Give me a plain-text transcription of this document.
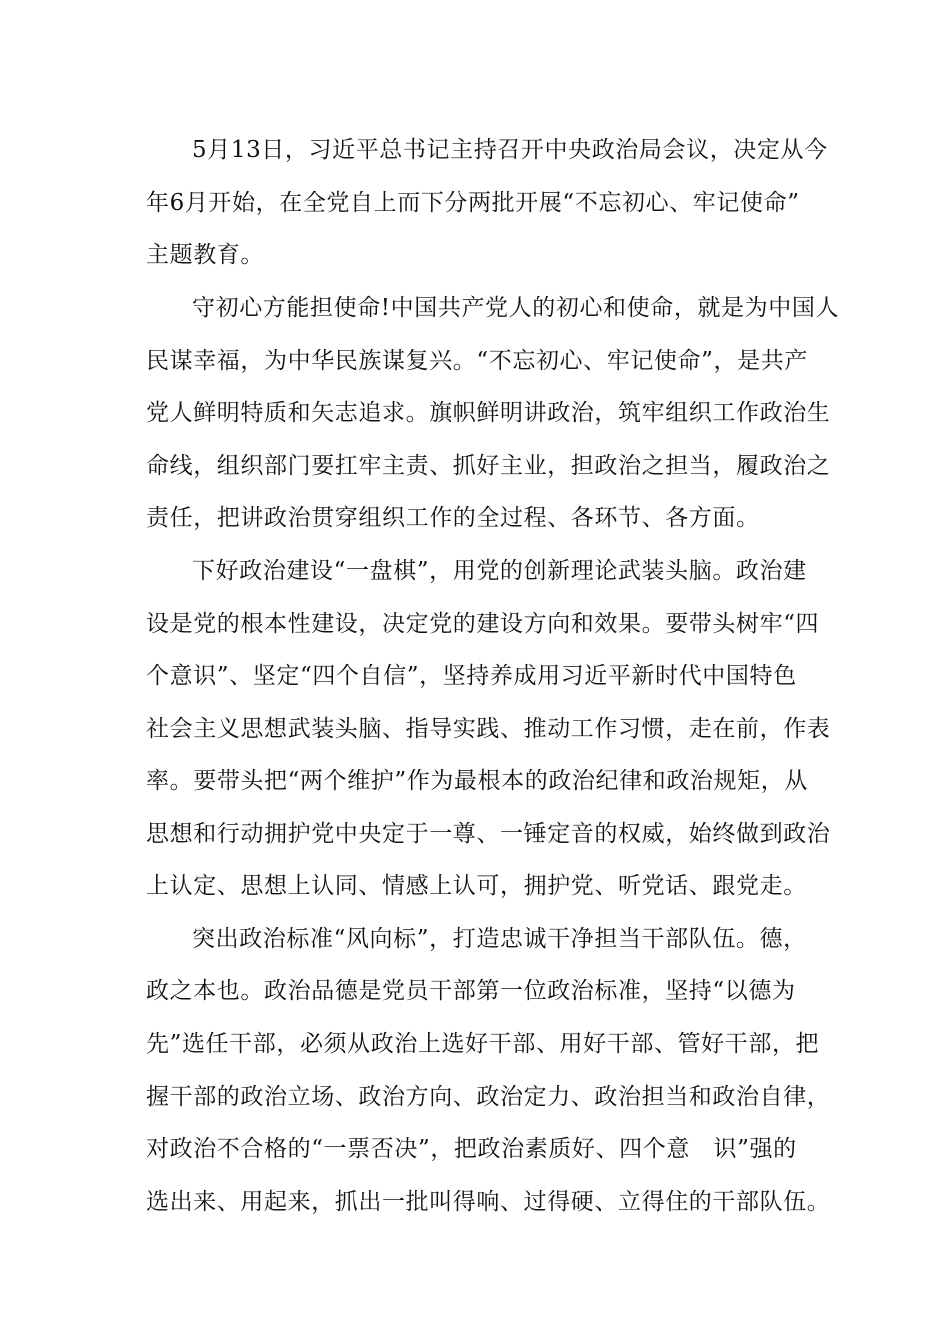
5月13日，习近平总书记主持召开中央政治局会议，决定从今
年6月开始，在全党自上而下分两批开展“不忘初心、牢记使命”
主题教育。
守初心方能担使命!中国共产党人的初心和使命，就是为中国人
民谋幸福，为中华民族谋复兴。“不忘初心、牢记使命”，是共产
党人鲜明特质和矢志追求。旗帜鲜明讲政治，筑牢组织工作政治生
命线，组织部门要扛牢主责、抓好主业，担政治之担当，履政治之
责任，把讲政治贯穿组织工作的全过程、各环节、各方面。
下好政治建设“一盘棋”，用党的创新理论武装头脑。政治建
设是党的根本性建设，决定党的建设方向和效果。要带头树牢“四
个意识”、坚定“四个自信”，坚持养成用习近平新时代中国特色
社会主义思想武装头脑、指导实践、推动工作习惯，走在前，作表
率。要带头把“两个维护”作为最根本的政治纪律和政治规矩，从
思想和行动拥护党中央定于一尊、一锤定音的权威，始终做到政治
上认定、思想上认同、情感上认可，拥护党、听党话、跟党走。
突出政治标准“风向标”，打造忠诚干净担当干部队伍。德，
政之本也。政治品德是党员干部第一位政治标准，坚持“以德为
先”选任干部，必须从政治上选好干部、用好干部、管好干部，把
握干部的政治立场、政治方向、政治定力、政治担当和政治自律，
对政治不合格的“一票否决”，把政治素质好、四个意　识”强的
选出来、用起来，抓出一批叫得响、过得硬、立得住的干部队伍。
